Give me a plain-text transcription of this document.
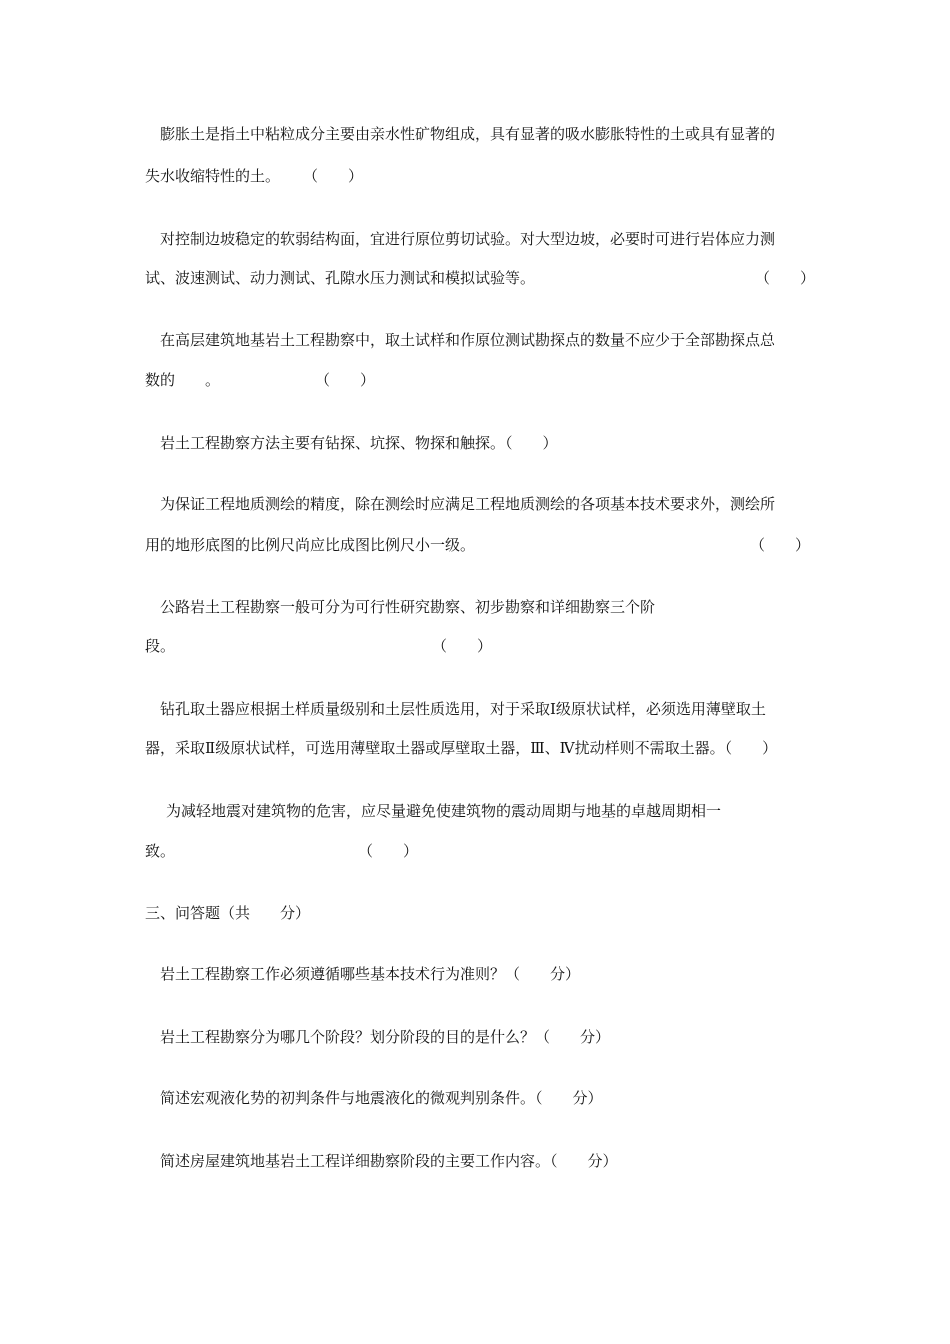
膨胀土是指土中粘粒成分主要由亲水性矿物组成，具有显著的吸水膨胀特性的土或具有显著的
失水收缩特性的土。 （　　）
对控制边坡稳定的软弱结构面，宜进行原位剪切试验。对大型边坡，必要时可进行岩体应力测
试、波速测试、动力测试、孔隙水压力测试和模拟试验等。	（　　）
在高层建筑地基岩土工程勘察中，取土试样和作原位测试勘探点的数量不应少于全部勘探点总
数的　　。	（　　）
岩土工程勘察方法主要有钻探、坑探、物探和触探。（　　）
为保证工程地质测绘的精度，除在测绘时应满足工程地质测绘的各项基本技术要求外，测绘所
用的地形底图的比例尺尚应比成图比例尺小一级。	（　　）
公路岩土工程勘察一般可分为可行性研究勘察、初步勘察和详细勘察三个阶
段。	（　　）
钻孔取土器应根据土样质量级别和土层性质选用，对于采取Ⅰ级原状试样，必须选用薄壁取土
器，采取Ⅱ级原状试样，可选用薄壁取土器或厚壁取土器，Ⅲ、Ⅳ扰动样则不需取土器。（　　）
为减轻地震对建筑物的危害，应尽量避免使建筑物的震动周期与地基的卓越周期相一
致。	（　　）
三、问答题（共　　分）
岩土工程勘察工作必须遵循哪些基本技术行为准则？（　　分）
岩土工程勘察分为哪几个阶段？划分阶段的目的是什么？（　　分）
简述宏观液化势的初判条件与地震液化的微观判别条件。（　　分）
简述房屋建筑地基岩土工程详细勘察阶段的主要工作内容。（　　分）
